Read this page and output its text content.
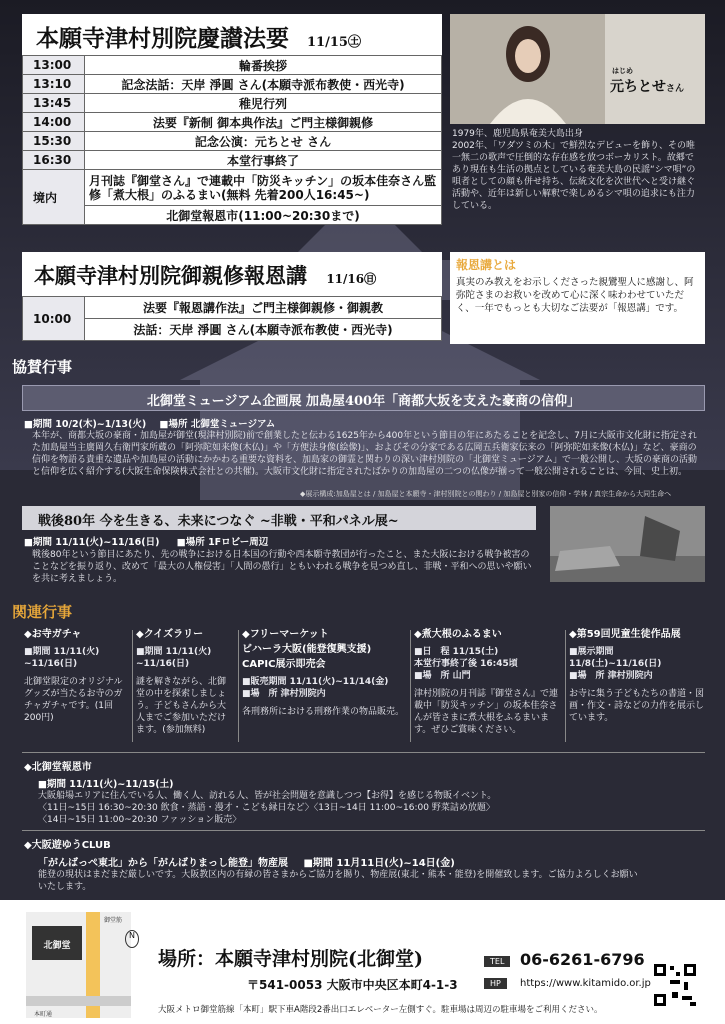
本願寺津村別院慶讃法要 11/15㊏
13:00	輪番挨拶
13:10	記念法話：天岸 淨圓 さん(本願寺派布教使・西光寺)
13:45	稚児行列
14:00	法要『新制 御本典作法』ご門主様御親修
15:30	記念公演：元ちとせ さん
16:30	本堂行事終了
境内	月刊誌『御堂さん』で連載中「防災キッチン」の坂本佳奈さん監修「煮大根」のふるまい(無料 先着200人16:45~)
	北御堂報恩市(11:00~20:30まで)
はじめ
元ちとせさん
1979年、鹿児島県奄美大島出身
2002年、「ワダツミの木」で鮮烈なデビューを飾り、その唯一無二の歌声で圧倒的な存在感を放つボーカリスト。故郷であり現在も生活の拠点としている奄美大島の民謡“シマ唄”の唄者としての顔も併せ持ち、伝統文化を次世代へと受け継ぐ活動や、近年は新しい解釈で楽しめるシマ唄の追求にも注力している。
本願寺津村別院御親修報恩講 11/16㊐
10:00	法要『報恩講作法』ご門主様御親修・御親教
法話：天岸 淨圓 さん(本願寺派布教使・西光寺)
報恩講とは
真実のみ教えをお示しくださった親鸞聖人に感謝し、阿弥陀さまのお救いを改めて心に深く味わわせていただく、一年でもっとも大切なご法要が「報恩講」です。
協賛行事
北御堂ミュージアム企画展 加島屋400年「商都大坂を支えた豪商の信仰」
■期間 10/2(木)~1/13(火) ■場所 北御堂ミュージアム
本年が、商都大坂の豪商・加島屋が御堂(現津村別院)前で創業したと伝わる1625年から400年という節目の年にあたることを記念し、7月に大阪市文化財に指定された加島屋当主廣岡久右衛門家所蔵の「阿弥陀如来像(木仏)」や「方便法身像(絵像)」、およびその分家である広岡五兵衛家伝来の「阿弥陀如来像(木仏)」など、豪商の信仰を物語る貴重な遺品や加島屋の活動にかかわる重要な資料を、加島家の御霊と関わりの深い津村別院の「北御堂ミュージアム」で一般公開し、大坂の豪商の活動と信仰を広く紹介する(大阪生命保険株式会社との共催)。大阪市文化財に指定されたばかりの加島屋の二つの仏像が揃って一般公開されることは、今回、史上初。
◆展示構成:加島屋とは / 加島屋と本願寺・津村別院との関わり / 加島屋と別家の信仰・学林 / 真宗生命から大同生命へ
戦後80年 今を生きる、未来につなぐ ~非戦・平和パネル展~
■期間 11/11(火)~11/16(日) ■場所 1Fロビー周辺
戦後80年という節目にあたり、先の戦争における日本国の行動や西本願寺教団が行ったこと、また大阪における戦争被害のことなどを振り返り、改めて「最大の人権侵害」「人間の愚行」ともいわれる戦争を見つめ直し、非戦・平和への思いや願いを共に考えましょう。
関連行事
◆お寺ガチャ
■期間 11/11(火)
~11/16(日)
北御堂限定のオリジナルグッズが当たるお寺のガチャガチャです。(1回200円)
◆クイズラリー
■期間 11/11(火)
~11/16(日)
謎を解きながら、北御堂の中を探索しましょう。子どもさんから大人までご参加いただけます。(参加無料)
◆フリーマーケット
ビハーラ大阪(能登復興支援)
CAPIC展示即売会
■販売期間 11/11(火)~11/14(金)
■場　所 津村別院内
各刑務所における刑務作業の物品販売。
◆煮大根のふるまい
■日　程 11/15(土)
本堂行事終了後 16:45頃
■場　所 山門
津村別院の月刊誌『御堂さん』で連載中「防災キッチン」の坂本佳奈さんが皆さまに煮大根をふるまいます。ぜひご賞味ください。
◆第59回児童生徒作品展
■展示期間
11/8(土)~11/16(日)
■場　所 津村別院内
お寺に集う子どもたちの書道・図画・作文・詩などの力作を展示しています。
◆北御堂報恩市
■期間 11/11(火)~11/15(土)
大阪船場エリアに住んでいる人、働く人、訪れる人、皆が社会問題を意識しつつ【お得】を感じる物販イベント。
〈11日~15日 16:30~20:30 飲食・蒸語・漫才・こども縁日など〉〈13日~14日 11:00~16:00 野菜詰め放題〉
〈14日~15日 11:00~20:30 ファッション販売〉
◆大阪遊ゆうCLUB
「がんばっぺ東北」から「がんばりまっし能登」物産展 ■期間 11月11日(火)~14日(金)
能登の現状はまだまだ厳しいです。大阪教区内の有縁の皆さまからご協力を賜り、物産展(東北・熊本・能登)を開催致します。ご協力よろしくお願いいたします。
北御堂
本町通
御堂筋
N
場所：本願寺津村別院(北御堂)	TEL 06-6261-6796
〒541-0053 大阪市中央区本町4-1-3	HP	https://www.kitamido.or.jp
大阪メトロ御堂筋線「本町」駅下車A階段2番出口エレベーター左側すぐ。駐車場は周辺の駐車場をご利用ください。
